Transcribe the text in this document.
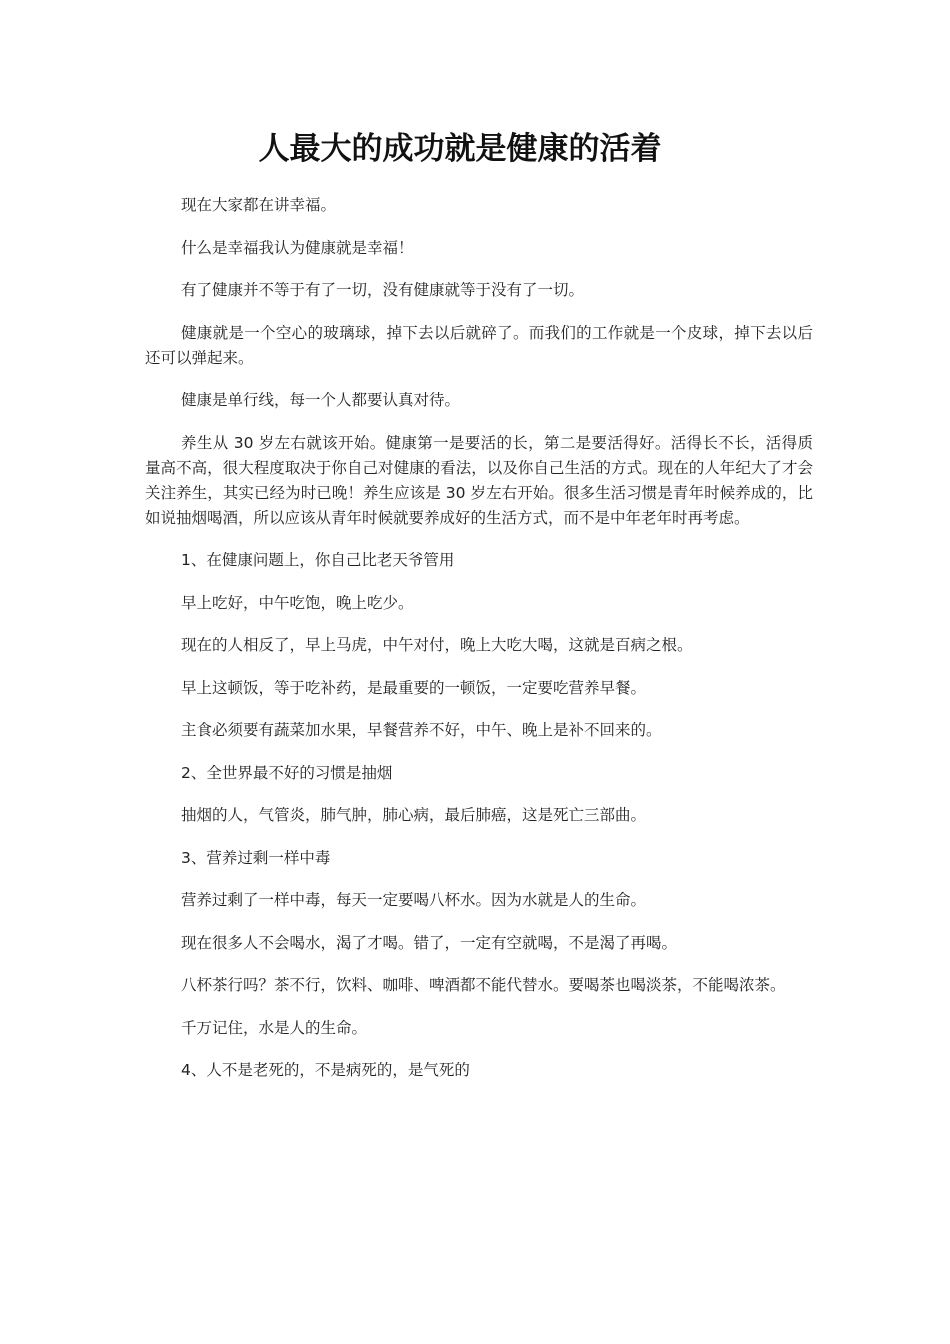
人最大的成功就是健康的活着

现在大家都在讲幸福。

什么是幸福我认为健康就是幸福！

有了健康并不等于有了一切，没有健康就等于没有了一切。

健康就是一个空心的玻璃球，掉下去以后就碎了。而我们的工作就是一个皮球，掉下去以后还可以弹起来。

健康是单行线，每一个人都要认真对待。

养生从 30 岁左右就该开始。健康第一是要活的长，第二是要活得好。活得长不长，活得质量高不高，很大程度取决于你自己对健康的看法，以及你自己生活的方式。现在的人年纪大了才会关注养生，其实已经为时已晚！养生应该是 30 岁左右开始。很多生活习惯是青年时候养成的，比如说抽烟喝酒，所以应该从青年时候就要养成好的生活方式，而不是中年老年时再考虑。

1、在健康问题上，你自己比老天爷管用

早上吃好，中午吃饱，晚上吃少。

现在的人相反了，早上马虎，中午对付，晚上大吃大喝，这就是百病之根。

早上这顿饭，等于吃补药，是最重要的一顿饭，一定要吃营养早餐。

主食必须要有蔬菜加水果，早餐营养不好，中午、晚上是补不回来的。

2、全世界最不好的习惯是抽烟

抽烟的人，气管炎，肺气肿，肺心病，最后肺癌，这是死亡三部曲。

3、营养过剩一样中毒

营养过剩了一样中毒，每天一定要喝八杯水。因为水就是人的生命。

现在很多人不会喝水，渴了才喝。错了，一定有空就喝，不是渴了再喝。

八杯茶行吗？茶不行，饮料、咖啡、啤酒都不能代替水。要喝茶也喝淡茶，不能喝浓茶。

千万记住，水是人的生命。

4、人不是老死的，不是病死的，是气死的
